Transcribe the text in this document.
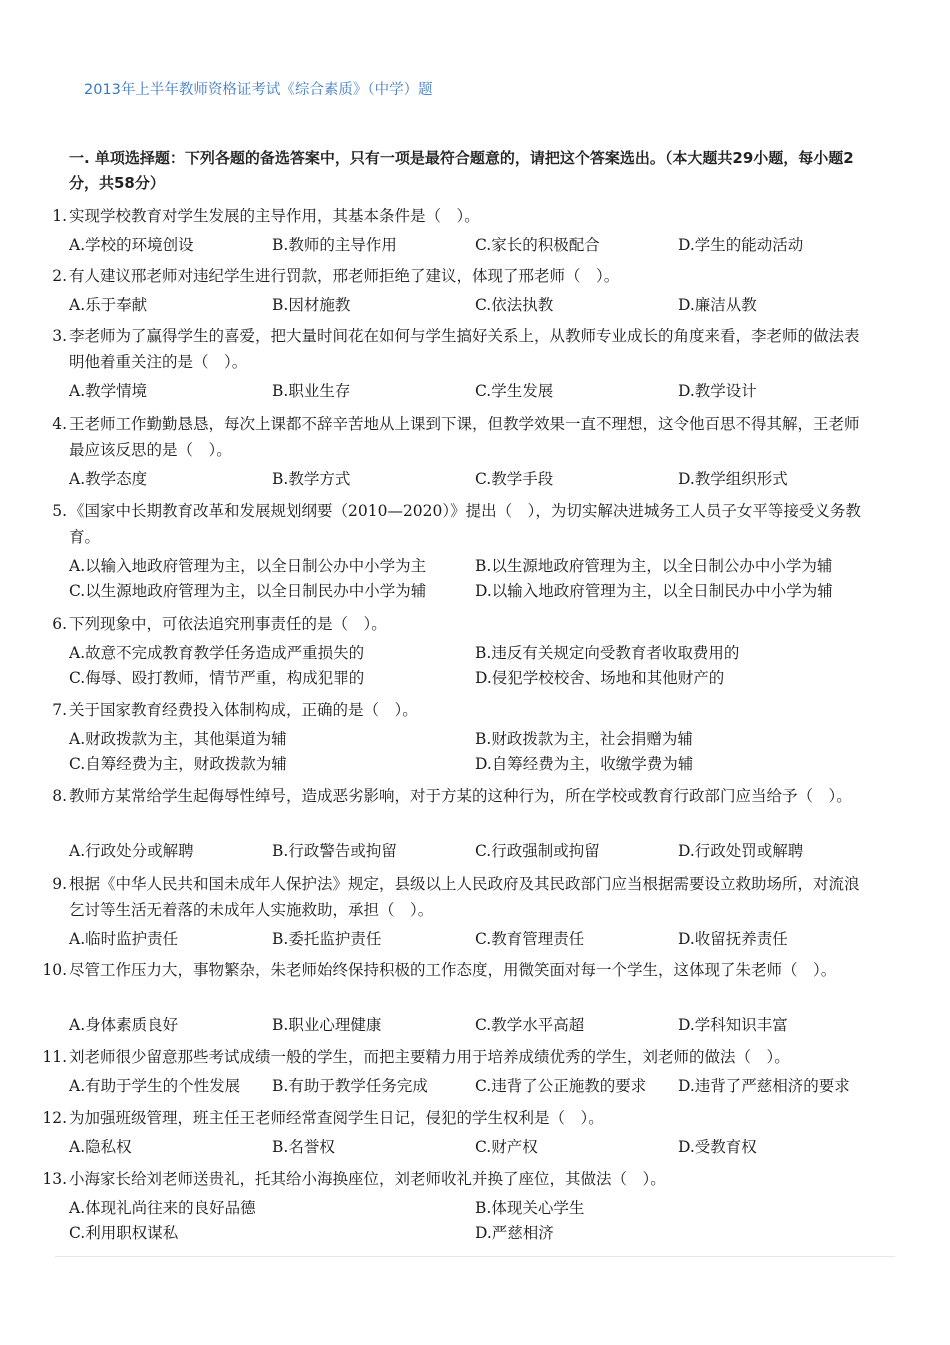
2013年上半年教师资格证考试《综合素质》（中学）题
一. 单项选择题：下列各题的备选答案中，只有一项是最符合题意的，请把这个答案选出。（本大题共29小题，每小题2分，共58分）
1. 实现学校教育对学生发展的主导作用，其基本条件是（　）。
A.学校的环境创设	B.教师的主导作用	C.家长的积极配合	D.学生的能动活动
2. 有人建议邢老师对违纪学生进行罚款，邢老师拒绝了建议，体现了邢老师（　）。
A.乐于奉献	B.因材施教	C.依法执教	D.廉洁从教
3. 李老师为了赢得学生的喜爱，把大量时间花在如何与学生搞好关系上，从教师专业成长的角度来看，李老师的做法表明他着重关注的是（　）。
A.教学情境	B.职业生存	C.学生发展	D.教学设计
4. 王老师工作勤勤恳恳，每次上课都不辞辛苦地从上课到下课，但教学效果一直不理想，这令他百思不得其解，王老师最应该反思的是（　）。
A.教学态度	B.教学方式	C.教学手段	D.教学组织形式
5. 《国家中长期教育改革和发展规划纲要（2010—2020）》提出（　），为切实解决进城务工人员子女平等接受义务教育。
A.以输入地政府管理为主，以全日制公办中小学为主	B.以生源地政府管理为主，以全日制公办中小学为辅
C.以生源地政府管理为主，以全日制民办中小学为辅	D.以输入地政府管理为主，以全日制民办中小学为辅
6. 下列现象中，可依法追究刑事责任的是（　）。
A.故意不完成教育教学任务造成严重损失的	B.违反有关规定向受教育者收取费用的
C.侮辱、殴打教师，情节严重，构成犯罪的	D.侵犯学校校舍、场地和其他财产的
7. 关于国家教育经费投入体制构成，正确的是（　）。
A.财政拨款为主，其他渠道为辅	B.财政拨款为主，社会捐赠为辅
C.自筹经费为主，财政拨款为辅	D.自筹经费为主，收缴学费为辅
8. 教师方某常给学生起侮辱性绰号，造成恶劣影响，对于方某的这种行为，所在学校或教育行政部门应当给予（　）。
A.行政处分或解聘	B.行政警告或拘留	C.行政强制或拘留	D.行政处罚或解聘
9. 根据《中华人民共和国未成年人保护法》规定，县级以上人民政府及其民政部门应当根据需要设立救助场所，对流浪乞讨等生活无着落的未成年人实施救助，承担（　）。
A.临时监护责任	B.委托监护责任	C.教育管理责任	D.收留抚养责任
10. 尽管工作压力大，事物繁杂，朱老师始终保持积极的工作态度，用微笑面对每一个学生，这体现了朱老师（　）。
A.身体素质良好	B.职业心理健康	C.教学水平高超	D.学科知识丰富
11. 刘老师很少留意那些考试成绩一般的学生，而把主要精力用于培养成绩优秀的学生，刘老师的做法（　）。
A.有助于学生的个性发展 B.有助于教学任务完成	C.违背了公正施教的要求 D.违背了严慈相济的要求
12. 为加强班级管理，班主任王老师经常查阅学生日记，侵犯的学生权利是（　）。
A.隐私权	B.名誉权	C.财产权	D.受教育权
13. 小海家长给刘老师送贵礼，托其给小海换座位，刘老师收礼并换了座位，其做法（　）。
A.体现礼尚往来的良好品德	B.体现关心学生
C.利用职权谋私	D.严慈相济
